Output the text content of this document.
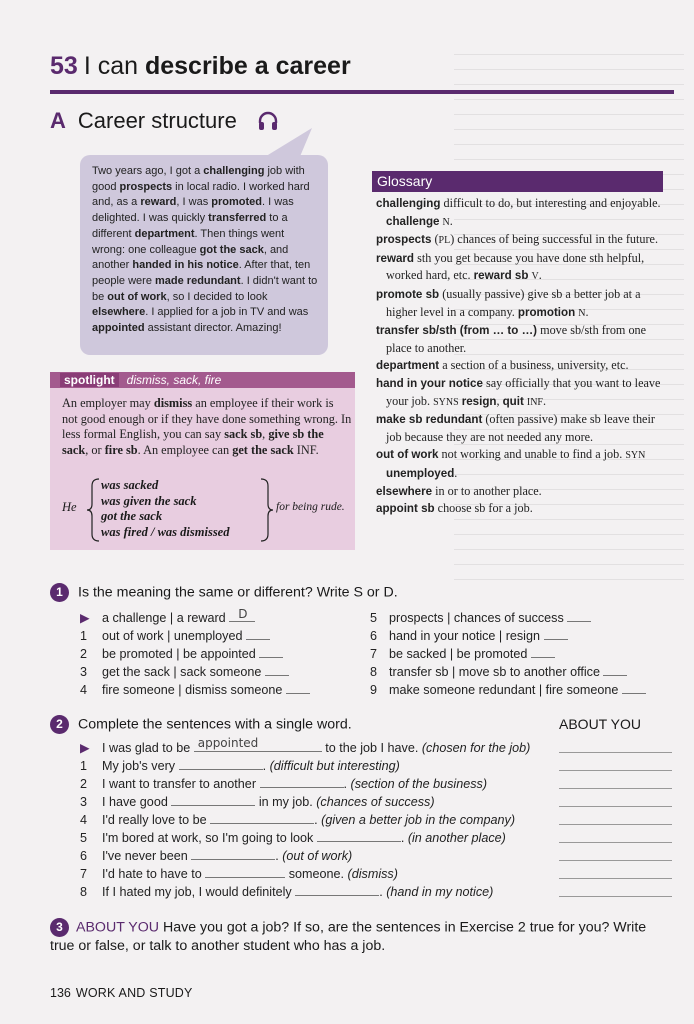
53 I can describe a career
A Career structure
Two years ago, I got a challenging job with good prospects in local radio. I worked hard and, as a reward, I was promoted. I was delighted. I was quickly transferred to a different department. Then things went wrong: one colleague got the sack, and another handed in his notice. After that, ten people were made redundant. I didn't want to be out of work, so I decided to look elsewhere. I applied for a job in TV and was appointed assistant director. Amazing!
spotlight dismiss, sack, fire
An employer may dismiss an employee if their work is not good enough or if they have done something wrong. In less formal English, you can say sack sb, give sb the sack, or fire sb. An employee can get the sack INF.
He
was sacked
was given the sack
got the sack
was fired / was dismissed
for being rude.
Glossary

challenging difficult to do, but interesting and enjoyable. challenge N.

prospects (PL) chances of being successful in the future.

reward sth you get because you have done sth helpful, worked hard, etc. reward sb V.

promote sb (usually passive) give sb a better job at a higher level in a company. promotion N.

transfer sb/sth (from … to …) move sb/sth from one place to another.

department a section of a business, university, etc.

hand in your notice say officially that you want to leave your job. SYNS resign, quit INF.

make sb redundant (often passive) make sb leave their job because they are not needed any more.

out of work not working and unable to find a job. SYN unemployed.

elsewhere in or to another place.

appoint sb choose sb for a job.

1 Is the meaning the same or different? Write S or D.
▶ a challenge | a reward D
1 out of work | unemployed
2 be promoted | be appointed
3 get the sack | sack someone
4 fire someone | dismiss someone
5 prospects | chances of success
6 hand in your notice | resign
7 be sacked | be promoted
8 transfer sb | move sb to another office
9 make someone redundant | fire someone
2 Complete the sentences with a single word.	ABOUT YOU
▶ I was glad to be appointed	to the job I have. (chosen for the job)
1 My job's very	. (difficult but interesting)
2 I want to transfer to another	. (section of the business)
3 I have good	in my job. (chances of success)
4 I'd really love to be	. (given a better job in the company)
5 I'm bored at work, so I'm going to look	. (in another place)
6 I've never been	. (out of work)
7 I'd hate to have to	someone. (dismiss)
8 If I hated my job, I would definitely	. (hand in my notice)
3 ABOUT YOU Have you got a job? If so, are the sentences in Exercise 2 true for you? Write true or false, or talk to another student who has a job.
136 WORK AND STUDY
